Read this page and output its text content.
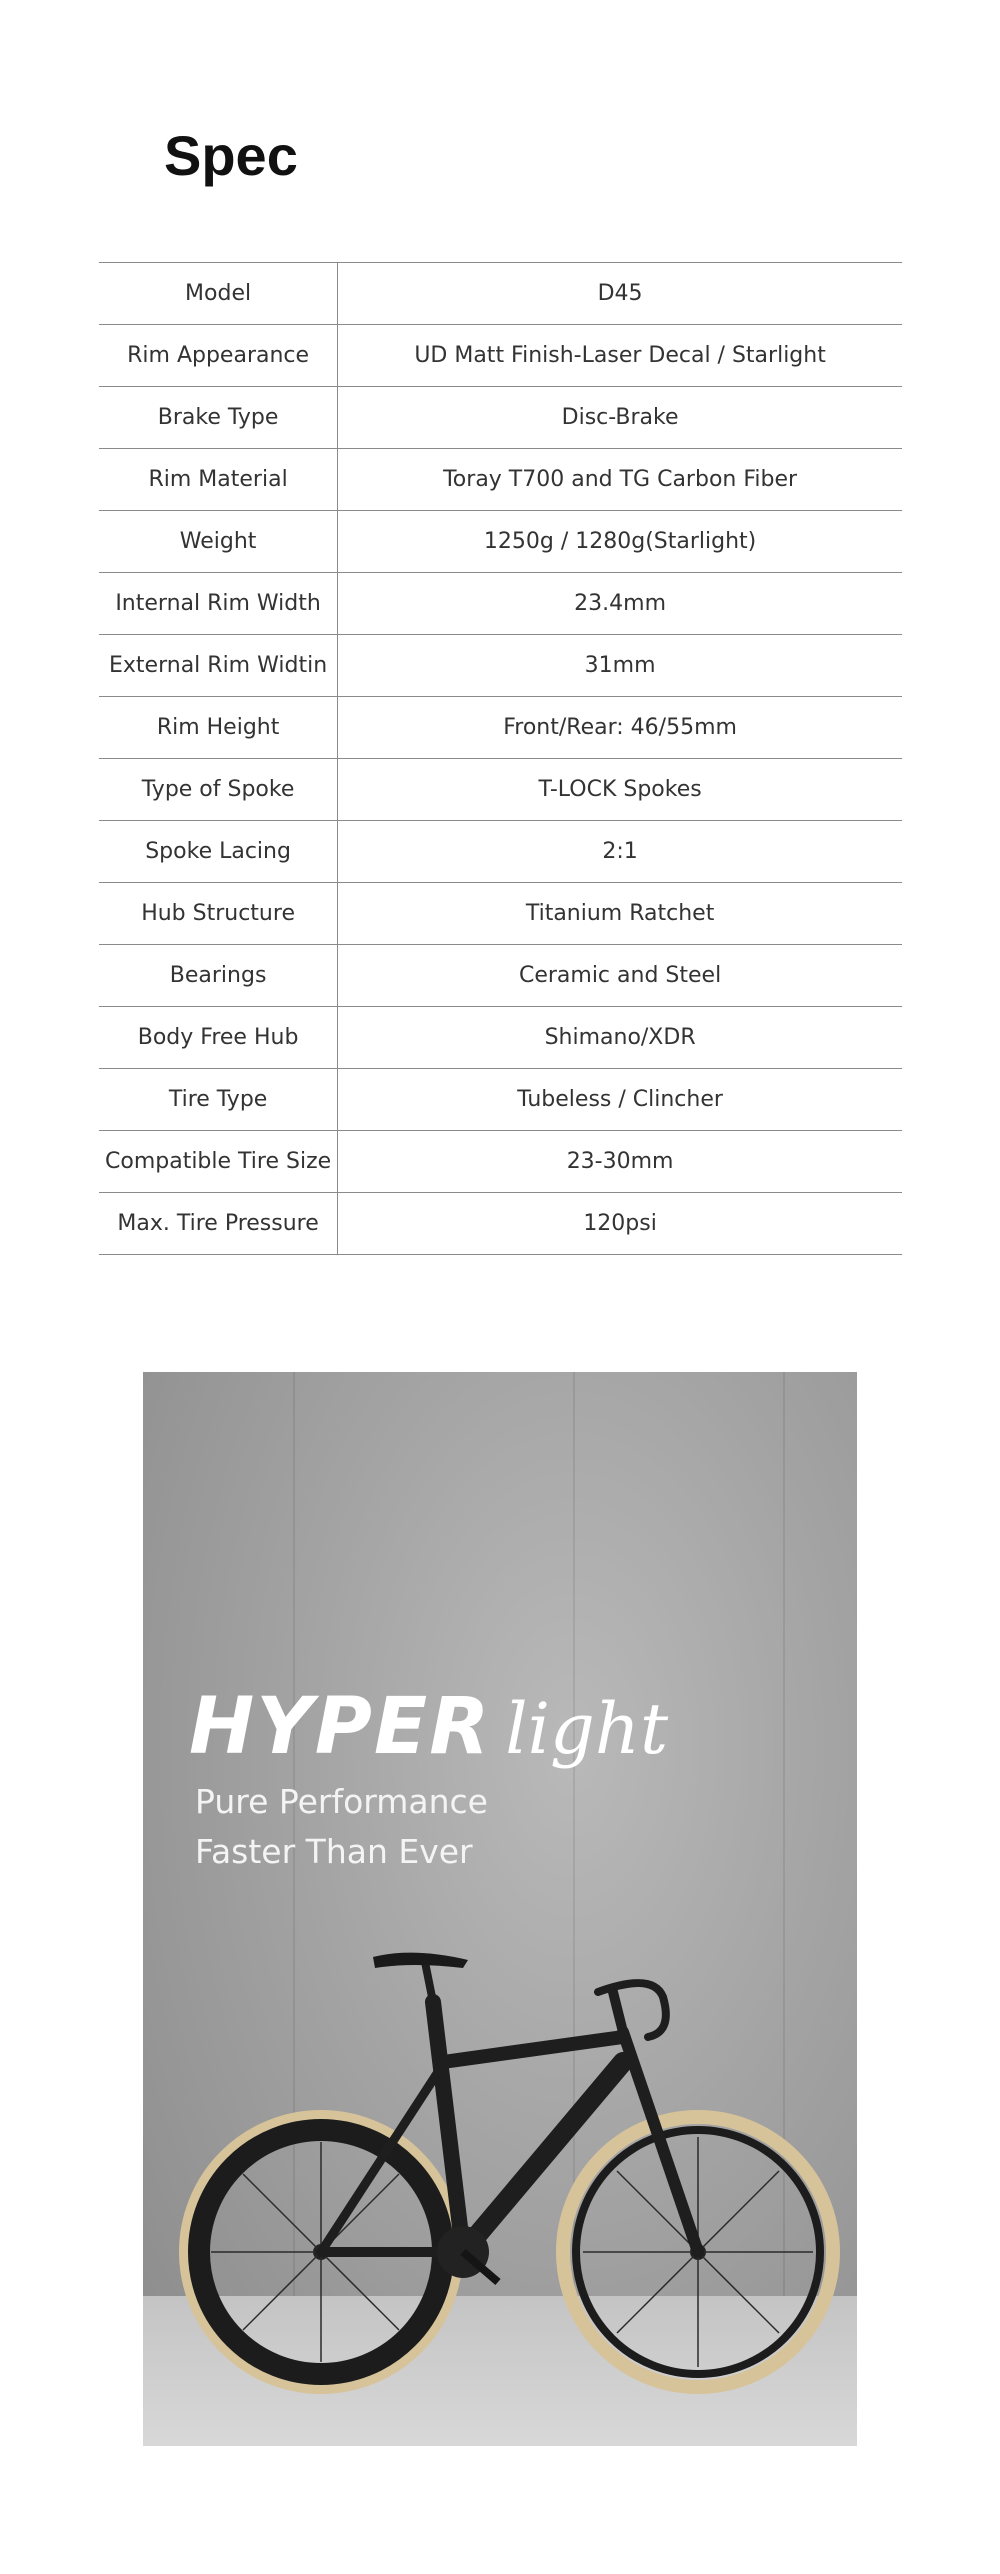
Spec
Model	D45
Rim Appearance	UD Matt Finish-Laser Decal / Starlight
Brake Type	Disc-Brake
Rim Material	Toray T700 and TG Carbon Fiber
Weight	1250g / 1280g(Starlight)
Internal Rim Width	23.4mm
External Rim Widtin	31mm
Rim Height	Front/Rear: 46/55mm
Type of Spoke	T-LOCK Spokes
Spoke Lacing	2:1
Hub Structure	Titanium Ratchet
Bearings	Ceramic and Steel
Body Free Hub	Shimano/XDR
Tire Type	Tubeless / Clincher
Compatible Tire Size	23-30mm
Max. Tire Pressure	120psi
HYPER light
Pure Performance
Faster Than Ever
